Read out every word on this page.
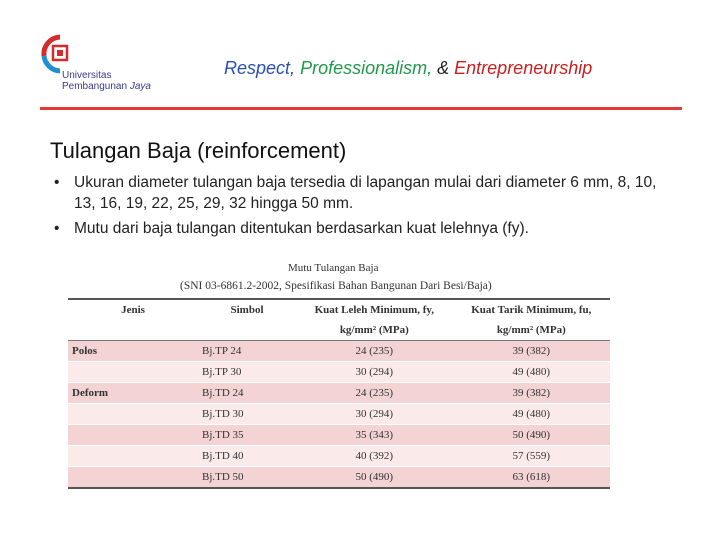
Universitas
Pembangunan Jaya
Respect, Professionalism, & Entrepreneurship
Tulangan Baja (reinforcement)
• Ukuran diameter tulangan baja tersedia di lapangan mulai dari diameter 6 mm, 8, 10, 13, 16, 19, 22, 25, 29, 32 hingga 50 mm.
• Mutu dari baja tulangan ditentukan berdasarkan kuat lelehnya (fy).
Mutu Tulangan Baja
(SNI 03-6861.2-2002, Spesifikasi Bahan Bangunan Dari Besi/Baja)
Jenis	Simbol	Kuat Leleh Minimum, fy,	Kuat Tarik Minimum, fu,
		kg/mm² (MPa)	kg/mm² (MPa)
Polos	Bj.TP 24	24 (235)	39 (382)
	Bj.TP 30	30 (294)	49 (480)
Deform	Bj.TD 24	24 (235)	39 (382)
	Bj.TD 30	30 (294)	49 (480)
	Bj.TD 35	35 (343)	50 (490)
	Bj.TD 40	40 (392)	57 (559)
	Bj.TD 50	50 (490)	63 (618)
